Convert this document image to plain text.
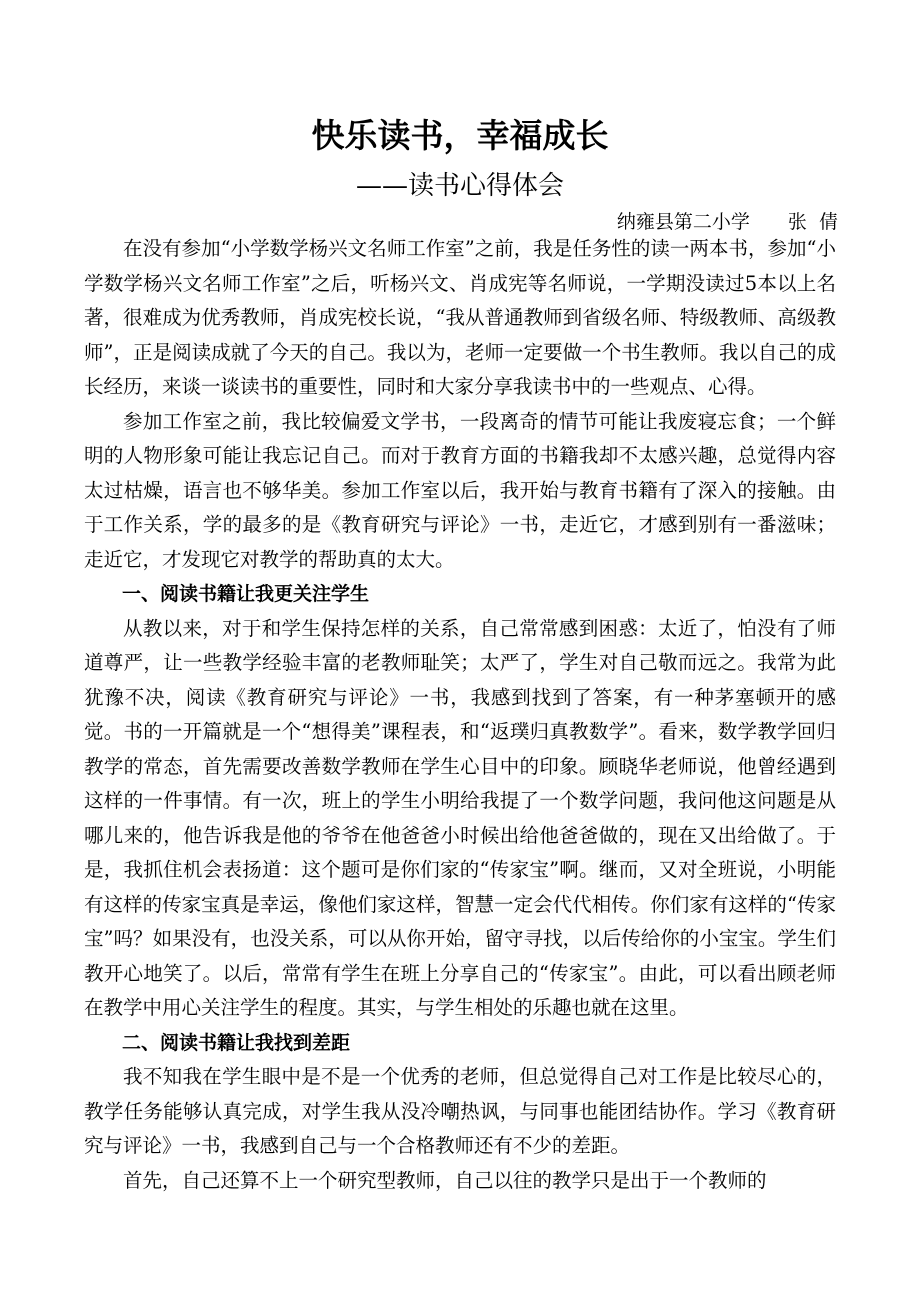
快乐读书，幸福成长

——读书心得体会

纳雍县第二小学　　张  倩

在没有参加“小学数学杨兴文名师工作室”之前，我是任务性的读一两本书，参加“小学数学杨兴文名师工作室”之后，听杨兴文、肖成宪等名师说，一学期没读过5本以上名著，很难成为优秀教师，肖成宪校长说，“我从普通教师到省级名师、特级教师、高级教师”，正是阅读成就了今天的自己。我以为，老师一定要做一个书生教师。我以自己的成长经历，来谈一谈读书的重要性，同时和大家分享我读书中的一些观点、心得。

参加工作室之前，我比较偏爱文学书，一段离奇的情节可能让我废寝忘食；一个鲜明的人物形象可能让我忘记自己。而对于教育方面的书籍我却不太感兴趣，总觉得内容太过枯燥，语言也不够华美。参加工作室以后，我开始与教育书籍有了深入的接触。由于工作关系，学的最多的是《教育研究与评论》一书，走近它，才感到别有一番滋味；走近它，才发现它对教学的帮助真的太大。

一、阅读书籍让我更关注学生

从教以来，对于和学生保持怎样的关系，自己常常感到困惑：太近了，怕没有了师道尊严，让一些教学经验丰富的老教师耻笑；太严了，学生对自己敬而远之。我常为此犹豫不决，阅读《教育研究与评论》一书，我感到找到了答案，有一种茅塞顿开的感觉。书的一开篇就是一个“想得美”课程表，和“返璞归真教数学”。看来，数学教学回归教学的常态，首先需要改善数学教师在学生心目中的印象。顾晓华老师说，他曾经遇到这样的一件事情。有一次，班上的学生小明给我提了一个数学问题，我问他这问题是从哪儿来的，他告诉我是他的爷爷在他爸爸小时候出给他爸爸做的，现在又出给做了。于是，我抓住机会表扬道：这个题可是你们家的“传家宝”啊。继而，又对全班说，小明能有这样的传家宝真是幸运，像他们家这样，智慧一定会代代相传。你们家有这样的“传家宝”吗？如果没有，也没关系，可以从你开始，留守寻找，以后传给你的小宝宝。学生们教开心地笑了。以后，常常有学生在班上分享自己的“传家宝”。由此，可以看出顾老师在教学中用心关注学生的程度。其实，与学生相处的乐趣也就在这里。

二、阅读书籍让我找到差距

我不知我在学生眼中是不是一个优秀的老师，但总觉得自己对工作是比较尽心的，教学任务能够认真完成，对学生我从没冷嘲热讽，与同事也能团结协作。学习《教育研究与评论》一书，我感到自己与一个合格教师还有不少的差距。

首先，自己还算不上一个研究型教师，自己以往的教学只是出于一个教师的
